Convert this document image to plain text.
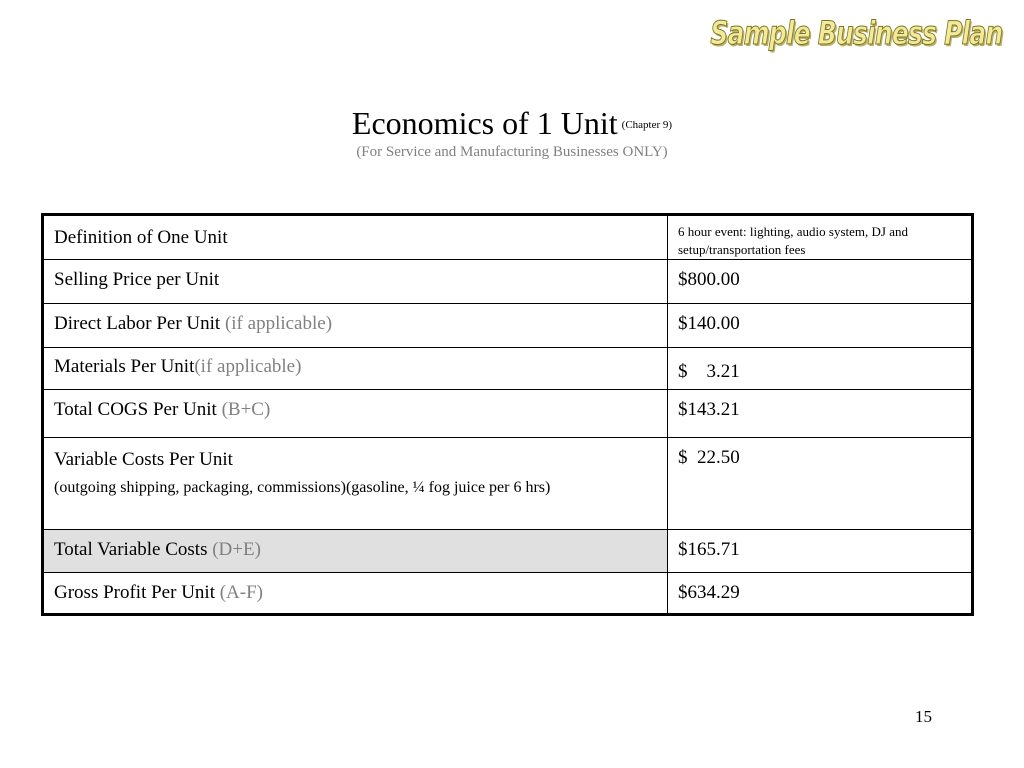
Sample Business Plan
Economics of 1 Unit (Chapter 9)
(For Service and Manufacturing Businesses ONLY)
Definition of One Unit	6 hour event: lighting, audio system, DJ and setup/transportation fees

Selling Price per Unit	$800.00
Direct Labor Per Unit (if applicable)	$140.00
Materials Per Unit(if applicable)	$    3.21
Total COGS Per Unit (B+C)	$143.21
Variable Costs Per Unit
(outgoing shipping, packaging, commissions)(gasoline, ¼ fog juice per 6 hrs)	$  22.50
Total Variable Costs (D+E)	$165.71
Gross Profit Per Unit (A-F)	$634.29
15
